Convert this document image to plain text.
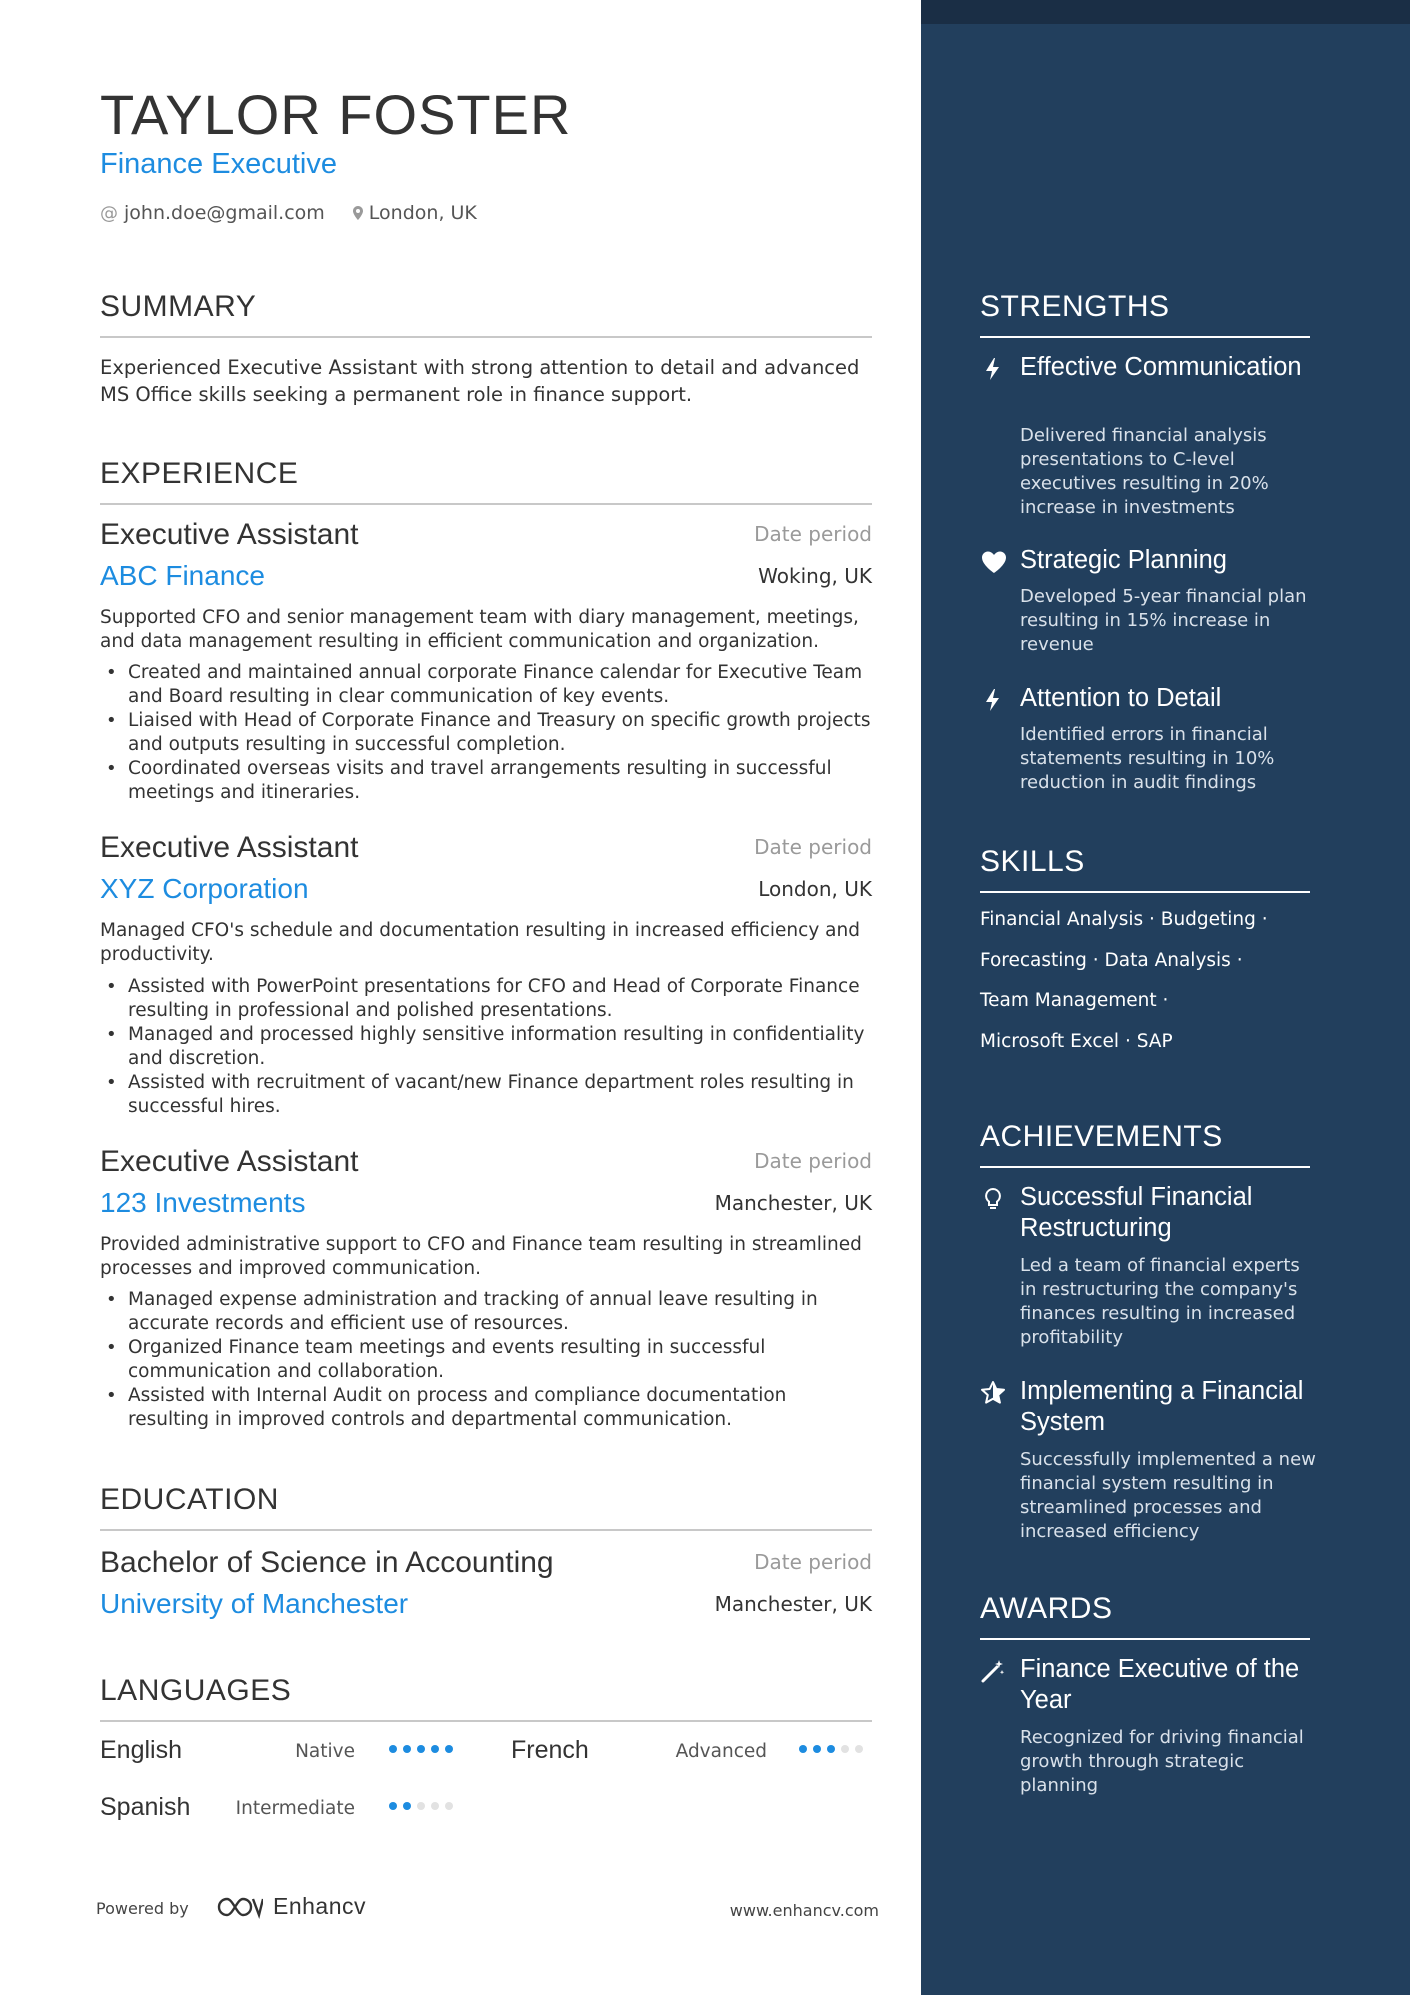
TAYLOR FOSTER
Finance Executive
@ john.doe@gmail.com London, UK
SUMMARY
Experienced Executive Assistant with strong attention to detail and advanced MS Office skills seeking a permanent role in finance support.
EXPERIENCE
Executive Assistant	Date period
ABC Finance	Woking, UK
Supported CFO and senior management team with diary management, meetings, and data management resulting in efficient communication and organization.
• Created and maintained annual corporate Finance calendar for Executive Team and Board resulting in clear communication of key events.
• Liaised with Head of Corporate Finance and Treasury on specific growth projects and outputs resulting in successful completion.
• Coordinated overseas visits and travel arrangements resulting in successful meetings and itineraries.
Executive Assistant	Date period
XYZ Corporation	London, UK
Managed CFO's schedule and documentation resulting in increased efficiency and productivity.
• Assisted with PowerPoint presentations for CFO and Head of Corporate Finance resulting in professional and polished presentations.
• Managed and processed highly sensitive information resulting in confidentiality and discretion.
• Assisted with recruitment of vacant/new Finance department roles resulting in successful hires.
Executive Assistant	Date period
123 Investments	Manchester, UK
Provided administrative support to CFO and Finance team resulting in streamlined processes and improved communication.
• Managed expense administration and tracking of annual leave resulting in accurate records and efficient use of resources.
• Organized Finance team meetings and events resulting in successful communication and collaboration.
• Assisted with Internal Audit on process and compliance documentation resulting in improved controls and departmental communication.
EDUCATION
Bachelor of Science in Accounting	Date period
University of Manchester	Manchester, UK
LANGUAGES
English	Native	French	Advanced
Spanish Intermediate
Powered by	Enhancv	www.enhancv.com
STRENGTHS
Effective Communication
Delivered financial analysis presentations to C-level executives resulting in 20% increase in investments
Strategic Planning
Developed 5-year financial plan resulting in 15% increase in revenue
Attention to Detail
Identified errors in financial statements resulting in 10% reduction in audit findings
SKILLS
Financial Analysis · Budgeting ·
Forecasting · Data Analysis ·
Team Management ·
Microsoft Excel · SAP
ACHIEVEMENTS
Successful Financial Restructuring
Led a team of financial experts in restructuring the company's finances resulting in increased profitability
Implementing a Financial System
Successfully implemented a new financial system resulting in streamlined processes and increased efficiency
AWARDS
Finance Executive of the Year
Recognized for driving financial growth through strategic planning
